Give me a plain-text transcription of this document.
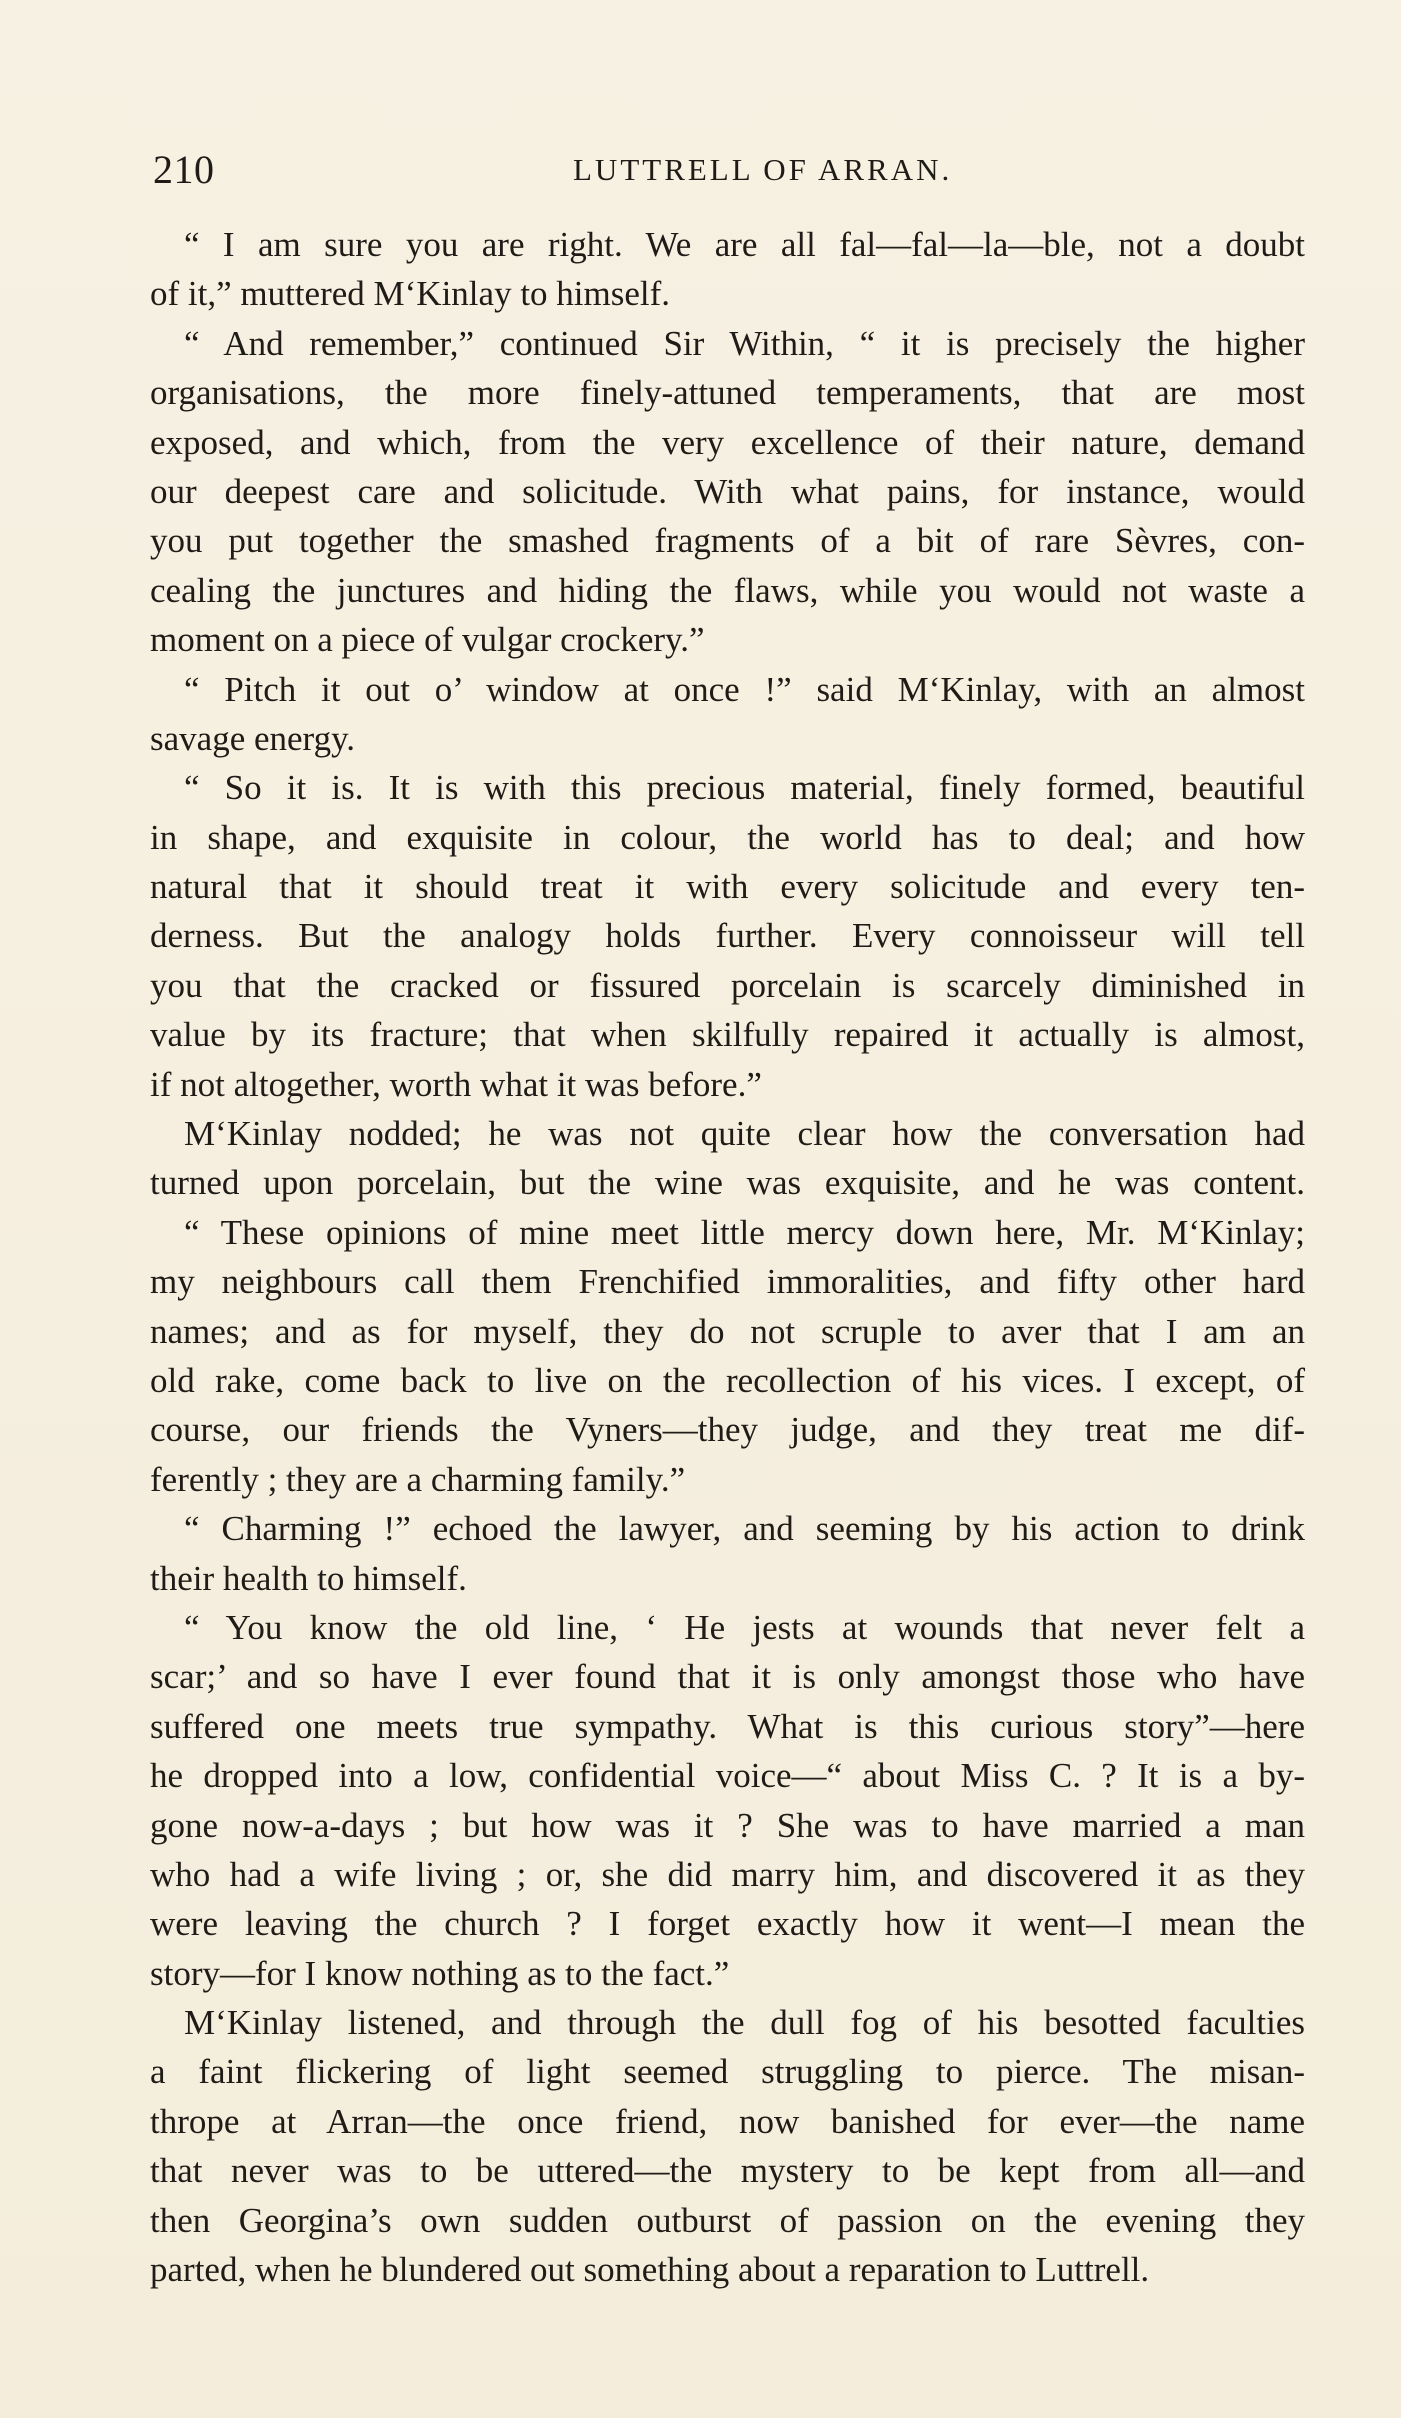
210	LUTTRELL OF ARRAN.
“ I am sure you are right. We are all fal—fal—la—ble, not a doubt
of it,” muttered M‘Kinlay to himself.
“ And remember,” continued Sir Within, “ it is precisely the higher
organisations, the more finely-attuned temperaments, that are most
exposed, and which, from the very excellence of their nature, demand
our deepest care and solicitude. With what pains, for instance, would
you put together the smashed fragments of a bit of rare Sèvres, con-
cealing the junctures and hiding the flaws, while you would not waste a
moment on a piece of vulgar crockery.”
“ Pitch it out o’ window at once !” said M‘Kinlay, with an almost
savage energy.
“ So it is. It is with this precious material, finely formed, beautiful
in shape, and exquisite in colour, the world has to deal; and how
natural that it should treat it with every solicitude and every ten-
derness. But the analogy holds further. Every connoisseur will tell
you that the cracked or fissured porcelain is scarcely diminished in
value by its fracture; that when skilfully repaired it actually is almost,
if not altogether, worth what it was before.”
M‘Kinlay nodded; he was not quite clear how the conversation had
turned upon porcelain, but the wine was exquisite, and he was content.
“ These opinions of mine meet little mercy down here, Mr. M‘Kinlay;
my neighbours call them Frenchified immoralities, and fifty other hard
names; and as for myself, they do not scruple to aver that I am an
old rake, come back to live on the recollection of his vices. I except, of
course, our friends the Vyners—they judge, and they treat me dif-
ferently ; they are a charming family.”
“ Charming !” echoed the lawyer, and seeming by his action to drink
their health to himself.
“ You know the old line, ‘ He jests at wounds that never felt a
scar;’ and so have I ever found that it is only amongst those who have
suffered one meets true sympathy. What is this curious story”—here
he dropped into a low, confidential voice—“ about Miss C. ? It is a by-
gone now-a-days ; but how was it ? She was to have married a man
who had a wife living ; or, she did marry him, and discovered it as they
were leaving the church ? I forget exactly how it went—I mean the
story—for I know nothing as to the fact.”
M‘Kinlay listened, and through the dull fog of his besotted faculties
a faint flickering of light seemed struggling to pierce. The misan-
thrope at Arran—the once friend, now banished for ever—the name
that never was to be uttered—the mystery to be kept from all—and
then Georgina’s own sudden outburst of passion on the evening they
parted, when he blundered out something about a reparation to Luttrell.
